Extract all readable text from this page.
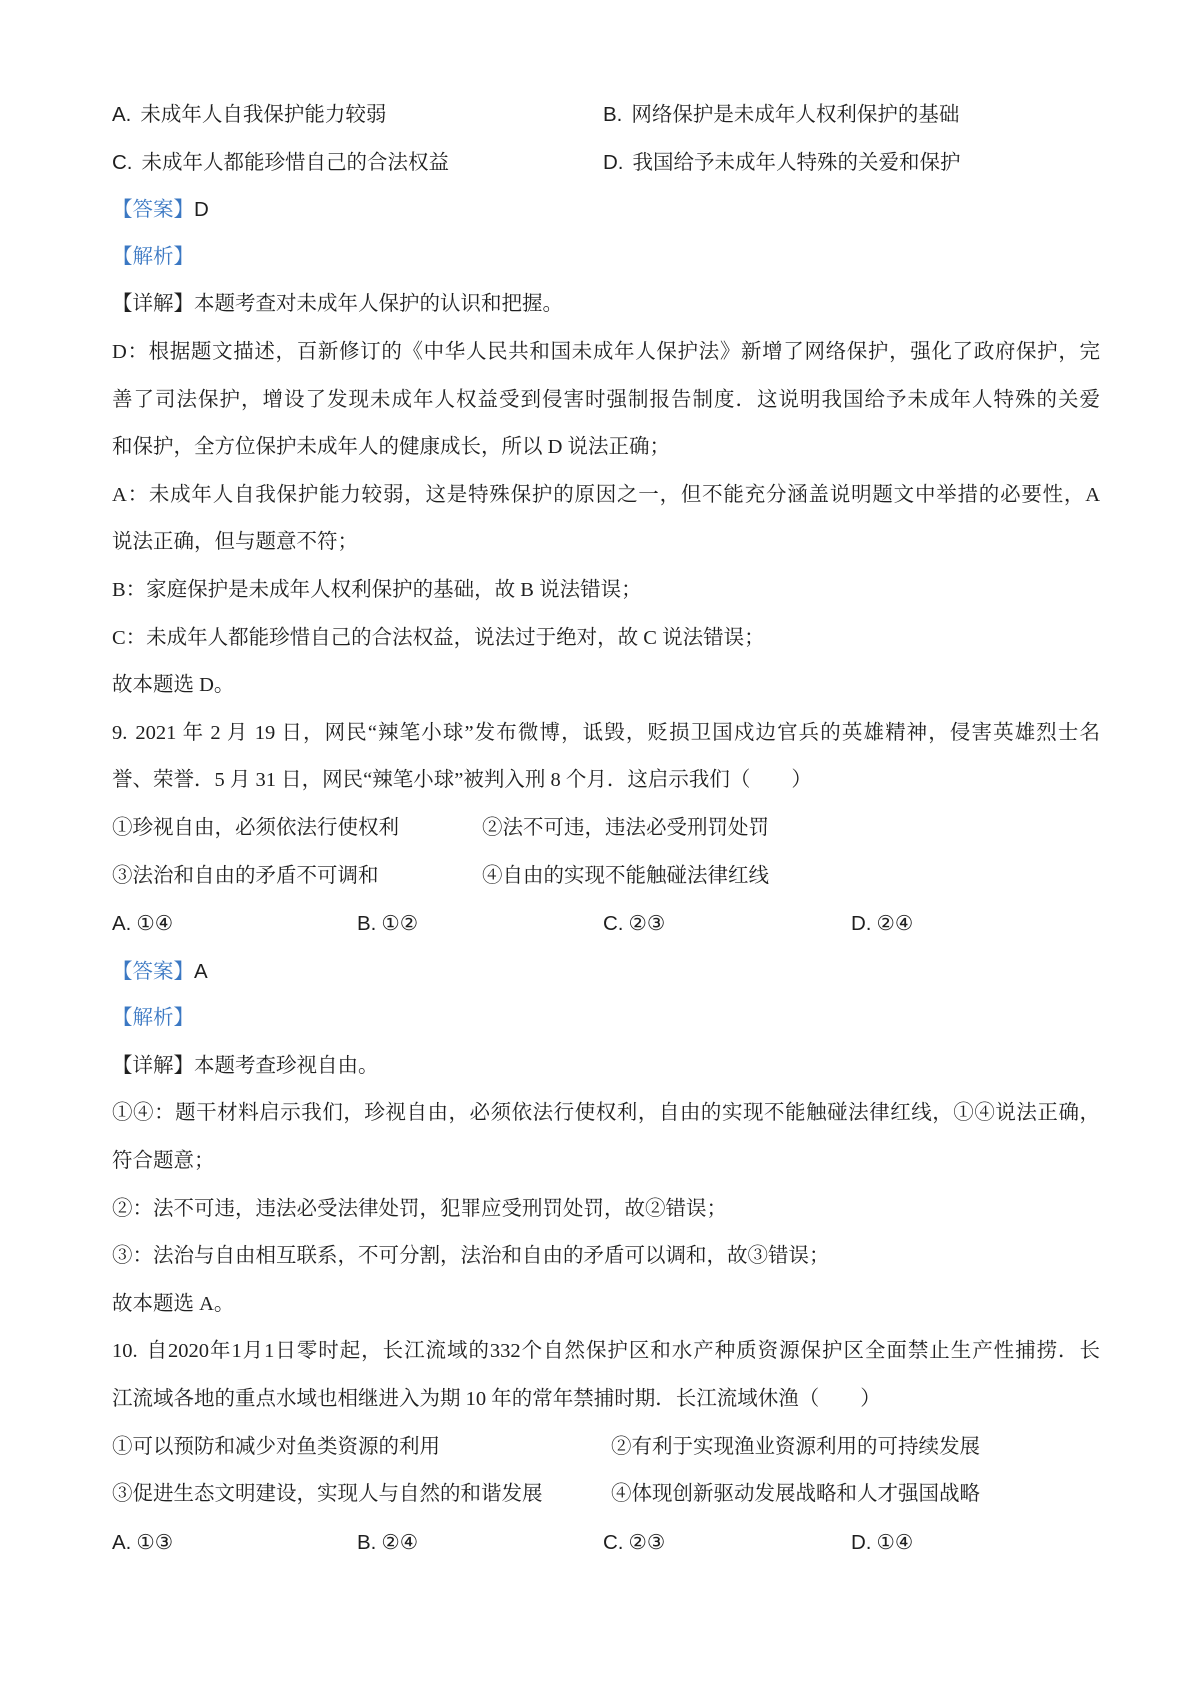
A. 未成年人自我保护能力较弱	B. 网络保护是未成年人权利保护的基础
C. 未成年人都能珍惜自己的合法权益	D. 我国给予未成年人特殊的关爱和保护
【答案】D
【解析】
【详解】本题考查对未成年人保护的认识和把握。
D：根据题文描述，百新修订的《中华人民共和国未成年人保护法》新增了网络保护，强化了政府保护，完
善了司法保护，增设了发现未成年人权益受到侵害时强制报告制度．这说明我国给予未成年人特殊的关爱
和保护，全方位保护未成年人的健康成长，所以 D 说法正确；
A：未成年人自我保护能力较弱，这是特殊保护的原因之一，但不能充分涵盖说明题文中举措的必要性，A
说法正确，但与题意不符；
B：家庭保护是未成年人权利保护的基础，故 B 说法错误；
C：未成年人都能珍惜自己的合法权益，说法过于绝对，故 C 说法错误；
故本题选 D。
9. 2021 年 2 月 19 日，网民“辣笔小球”发布微博，诋毁，贬损卫国戍边官兵的英雄精神，侵害英雄烈士名
誉、荣誉．5 月 31 日，网民“辣笔小球”被判入刑 8 个月．这启示我们（　　）
①珍视自由，必须依法行使权利	②法不可违，违法必受刑罚处罚
③法治和自由的矛盾不可调和	④自由的实现不能触碰法律红线
A. ①④	B. ①②	C. ②③	D. ②④
【答案】A
【解析】
【详解】本题考查珍视自由。
①④：题干材料启示我们，珍视自由，必须依法行使权利，自由的实现不能触碰法律红线，①④说法正确，
符合题意；
②：法不可违，违法必受法律处罚，犯罪应受刑罚处罚，故②错误；
③：法治与自由相互联系，不可分割，法治和自由的矛盾可以调和，故③错误；
故本题选 A。
10. 自2020年1月1日零时起，长江流域的332个自然保护区和水产种质资源保护区全面禁止生产性捕捞．长
江流域各地的重点水域也相继进入为期 10 年的常年禁捕时期．长江流域休渔（　　）
①可以预防和减少对鱼类资源的利用	②有利于实现渔业资源利用的可持续发展
③促进生态文明建设，实现人与自然的和谐发展	④体现创新驱动发展战略和人才强国战略
A. ①③	B. ②④	C. ②③	D. ①④
